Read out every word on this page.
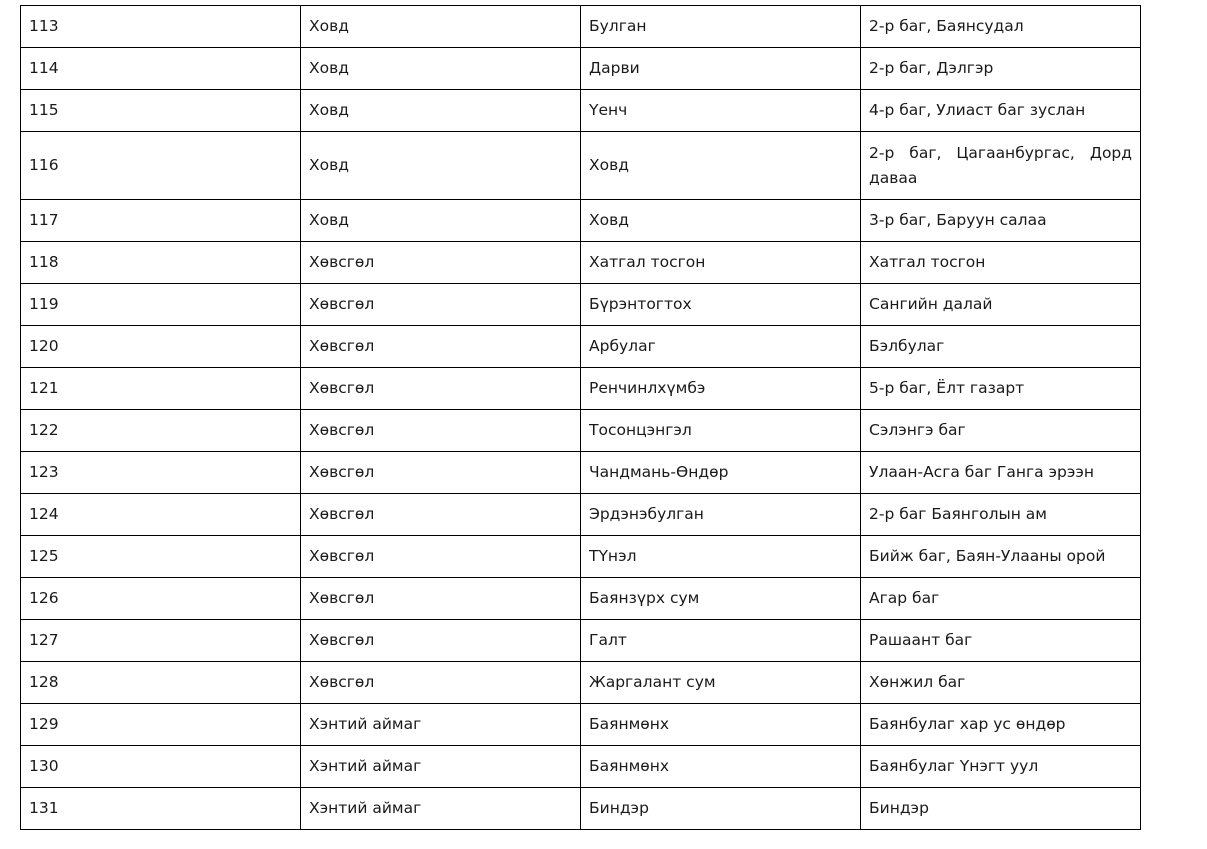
113	Ховд	Булган	2-р баг, Баянсудал
114	Ховд	Дарви	2-р баг, Дэлгэр
115	Ховд	Үенч	4-р баг, Улиаст баг зуслан
116	Ховд	Ховд	2-р баг, Цагаанбургас, Дорд даваа
117	Ховд	Ховд	3-р баг, Баруун салаа
118	Хөвсгөл	Хатгал тосгон	Хатгал тосгон
119	Хөвсгөл	Бүрэнтогтох	Сангийн далай
120	Хөвсгөл	Арбулаг	Бэлбулаг
121	Хөвсгөл	Ренчинлхүмбэ	5-р баг, Ёлт газарт
122	Хөвсгөл	Тосонцэнгэл	Сэлэнгэ баг
123	Хөвсгөл	Чандмань-Өндөр	Улаан-Асга баг Ганга эрээн
124	Хөвсгөл	Эрдэнэбулган	2-р баг Баянголын ам
125	Хөвсгөл	ТҮнэл	Бийж баг, Баян-Улааны орой
126	Хөвсгөл	Баянзүрх сум	Агар баг
127	Хөвсгөл	Галт	Рашаант баг
128	Хөвсгөл	Жаргалант сум	Хөнжил баг
129	Хэнтий аймаг	Баянмөнх	Баянбулаг хар ус өндөр
130	Хэнтий аймаг	Баянмөнх	Баянбулаг Үнэгт уул
131	Хэнтий аймаг	Биндэр	Биндэр
